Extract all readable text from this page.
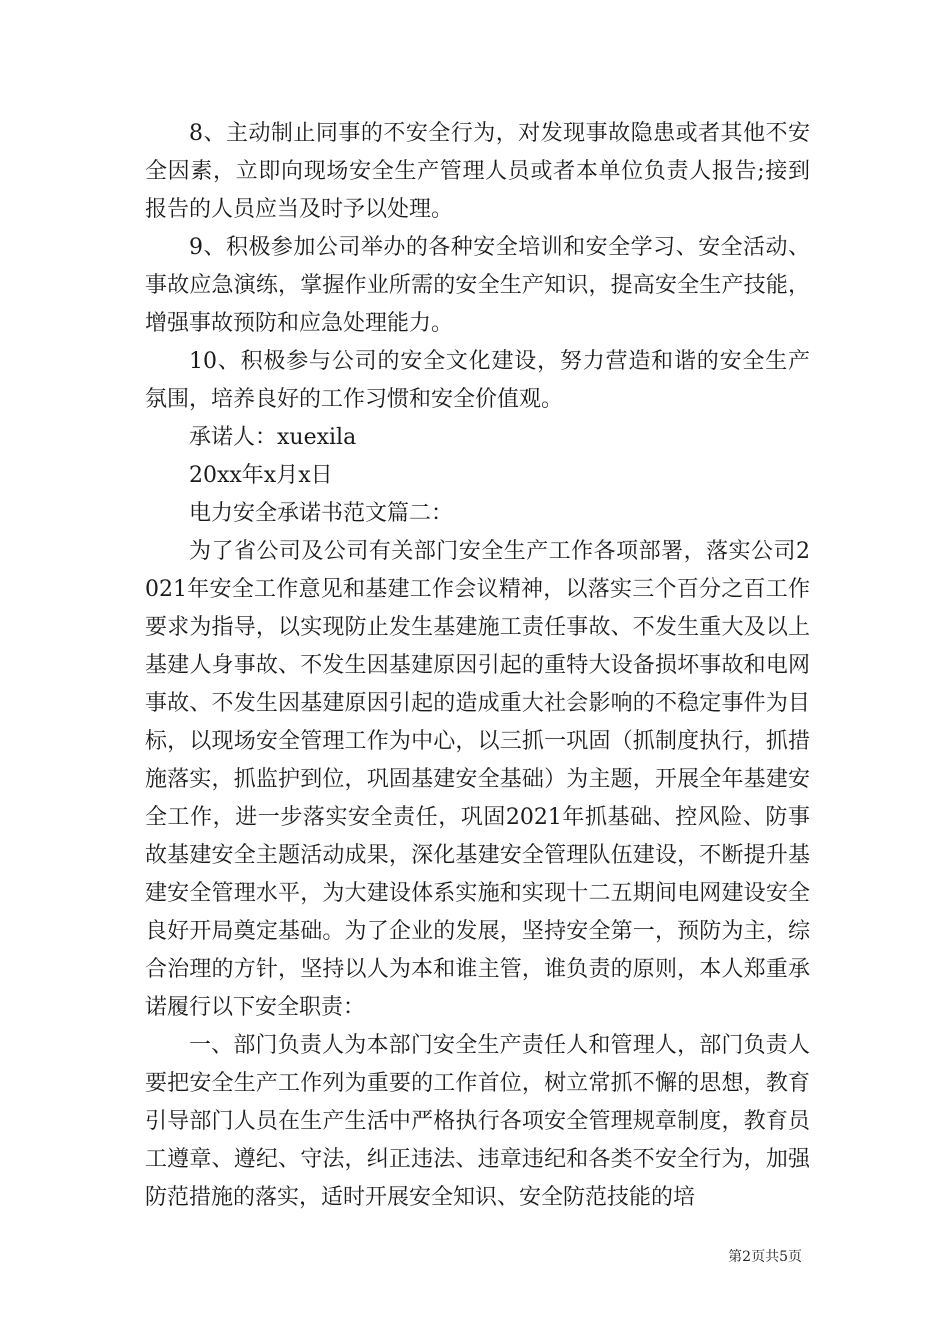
8、主动制止同事的不安全行为，对发现事故隐患或者其他不安全因素，立即向现场安全生产管理人员或者本单位负责人报告;接到报告的人员应当及时予以处理。

9、积极参加公司举办的各种安全培训和安全学习、安全活动、事故应急演练，掌握作业所需的安全生产知识，提高安全生产技能，增强事故预防和应急处理能力。

10、积极参与公司的安全文化建设，努力营造和谐的安全生产氛围，培养良好的工作习惯和安全价值观。

承诺人：xuexila

20xx年x月x日

电力安全承诺书范文篇二：

为了省公司及公司有关部门安全生产工作各项部署，落实公司2021年安全工作意见和基建工作会议精神，以落实三个百分之百工作要求为指导，以实现防止发生基建施工责任事故、不发生重大及以上基建人身事故、不发生因基建原因引起的重特大设备损坏事故和电网事故、不发生因基建原因引起的造成重大社会影响的不稳定事件为目标，以现场安全管理工作为中心，以三抓一巩固（抓制度执行，抓措施落实，抓监护到位，巩固基建安全基础）为主题，开展全年基建安全工作，进一步落实安全责任，巩固2021年抓基础、控风险、防事故基建安全主题活动成果，深化基建安全管理队伍建设，不断提升基建安全管理水平，为大建设体系实施和实现十二五期间电网建设安全良好开局奠定基础。为了企业的发展，坚持安全第一，预防为主，综合治理的方针，坚持以人为本和谁主管，谁负责的原则，本人郑重承诺履行以下安全职责：

一、部门负责人为本部门安全生产责任人和管理人，部门负责人要把安全生产工作列为重要的工作首位，树立常抓不懈的思想，教育引导部门人员在生产生活中严格执行各项安全管理规章制度，教育员工遵章、遵纪、守法，纠正违法、违章违纪和各类不安全行为，加强防范措施的落实，适时开展安全知识、安全防范技能的培

第2页共5页
